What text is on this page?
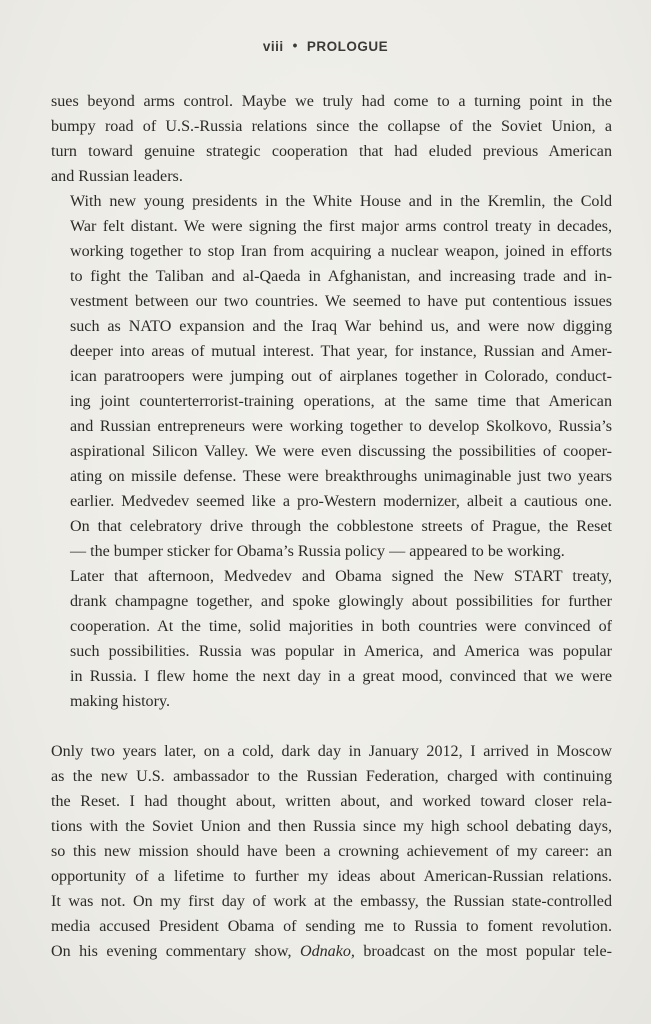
viii • PROLOGUE

sues beyond arms control. Maybe we truly had come to a turning point in the
bumpy road of U.S.-Russia relations since the collapse of the Soviet Union, a
turn toward genuine strategic cooperation that had eluded previous American
and Russian leaders.

With new young presidents in the White House and in the Kremlin, the Cold
War felt distant. We were signing the first major arms control treaty in decades,
working together to stop Iran from acquiring a nuclear weapon, joined in efforts
to fight the Taliban and al-Qaeda in Afghanistan, and increasing trade and in-
vestment between our two countries. We seemed to have put contentious issues
such as NATO expansion and the Iraq War behind us, and were now digging
deeper into areas of mutual interest. That year, for instance, Russian and Amer-
ican paratroopers were jumping out of airplanes together in Colorado, conduct-
ing joint counterterrorist-training operations, at the same time that American
and Russian entrepreneurs were working together to develop Skolkovo, Russia’s
aspirational Silicon Valley. We were even discussing the possibilities of cooper-
ating on missile defense. These were breakthroughs unimaginable just two years
earlier. Medvedev seemed like a pro-Western modernizer, albeit a cautious one.
On that celebratory drive through the cobblestone streets of Prague, the Reset
— the bumper sticker for Obama’s Russia policy — appeared to be working.

Later that afternoon, Medvedev and Obama signed the New START treaty,
drank champagne together, and spoke glowingly about possibilities for further
cooperation. At the time, solid majorities in both countries were convinced of
such possibilities. Russia was popular in America, and America was popular
in Russia. I flew home the next day in a great mood, convinced that we were
making history.

Only two years later, on a cold, dark day in January 2012, I arrived in Moscow
as the new U.S. ambassador to the Russian Federation, charged with continuing
the Reset. I had thought about, written about, and worked toward closer rela-
tions with the Soviet Union and then Russia since my high school debating days,
so this new mission should have been a crowning achievement of my career: an
opportunity of a lifetime to further my ideas about American-Russian relations.
It was not. On my first day of work at the embassy, the Russian state-controlled
media accused President Obama of sending me to Russia to foment revolution.
On his evening commentary show, Odnako, broadcast on the most popular tele-
